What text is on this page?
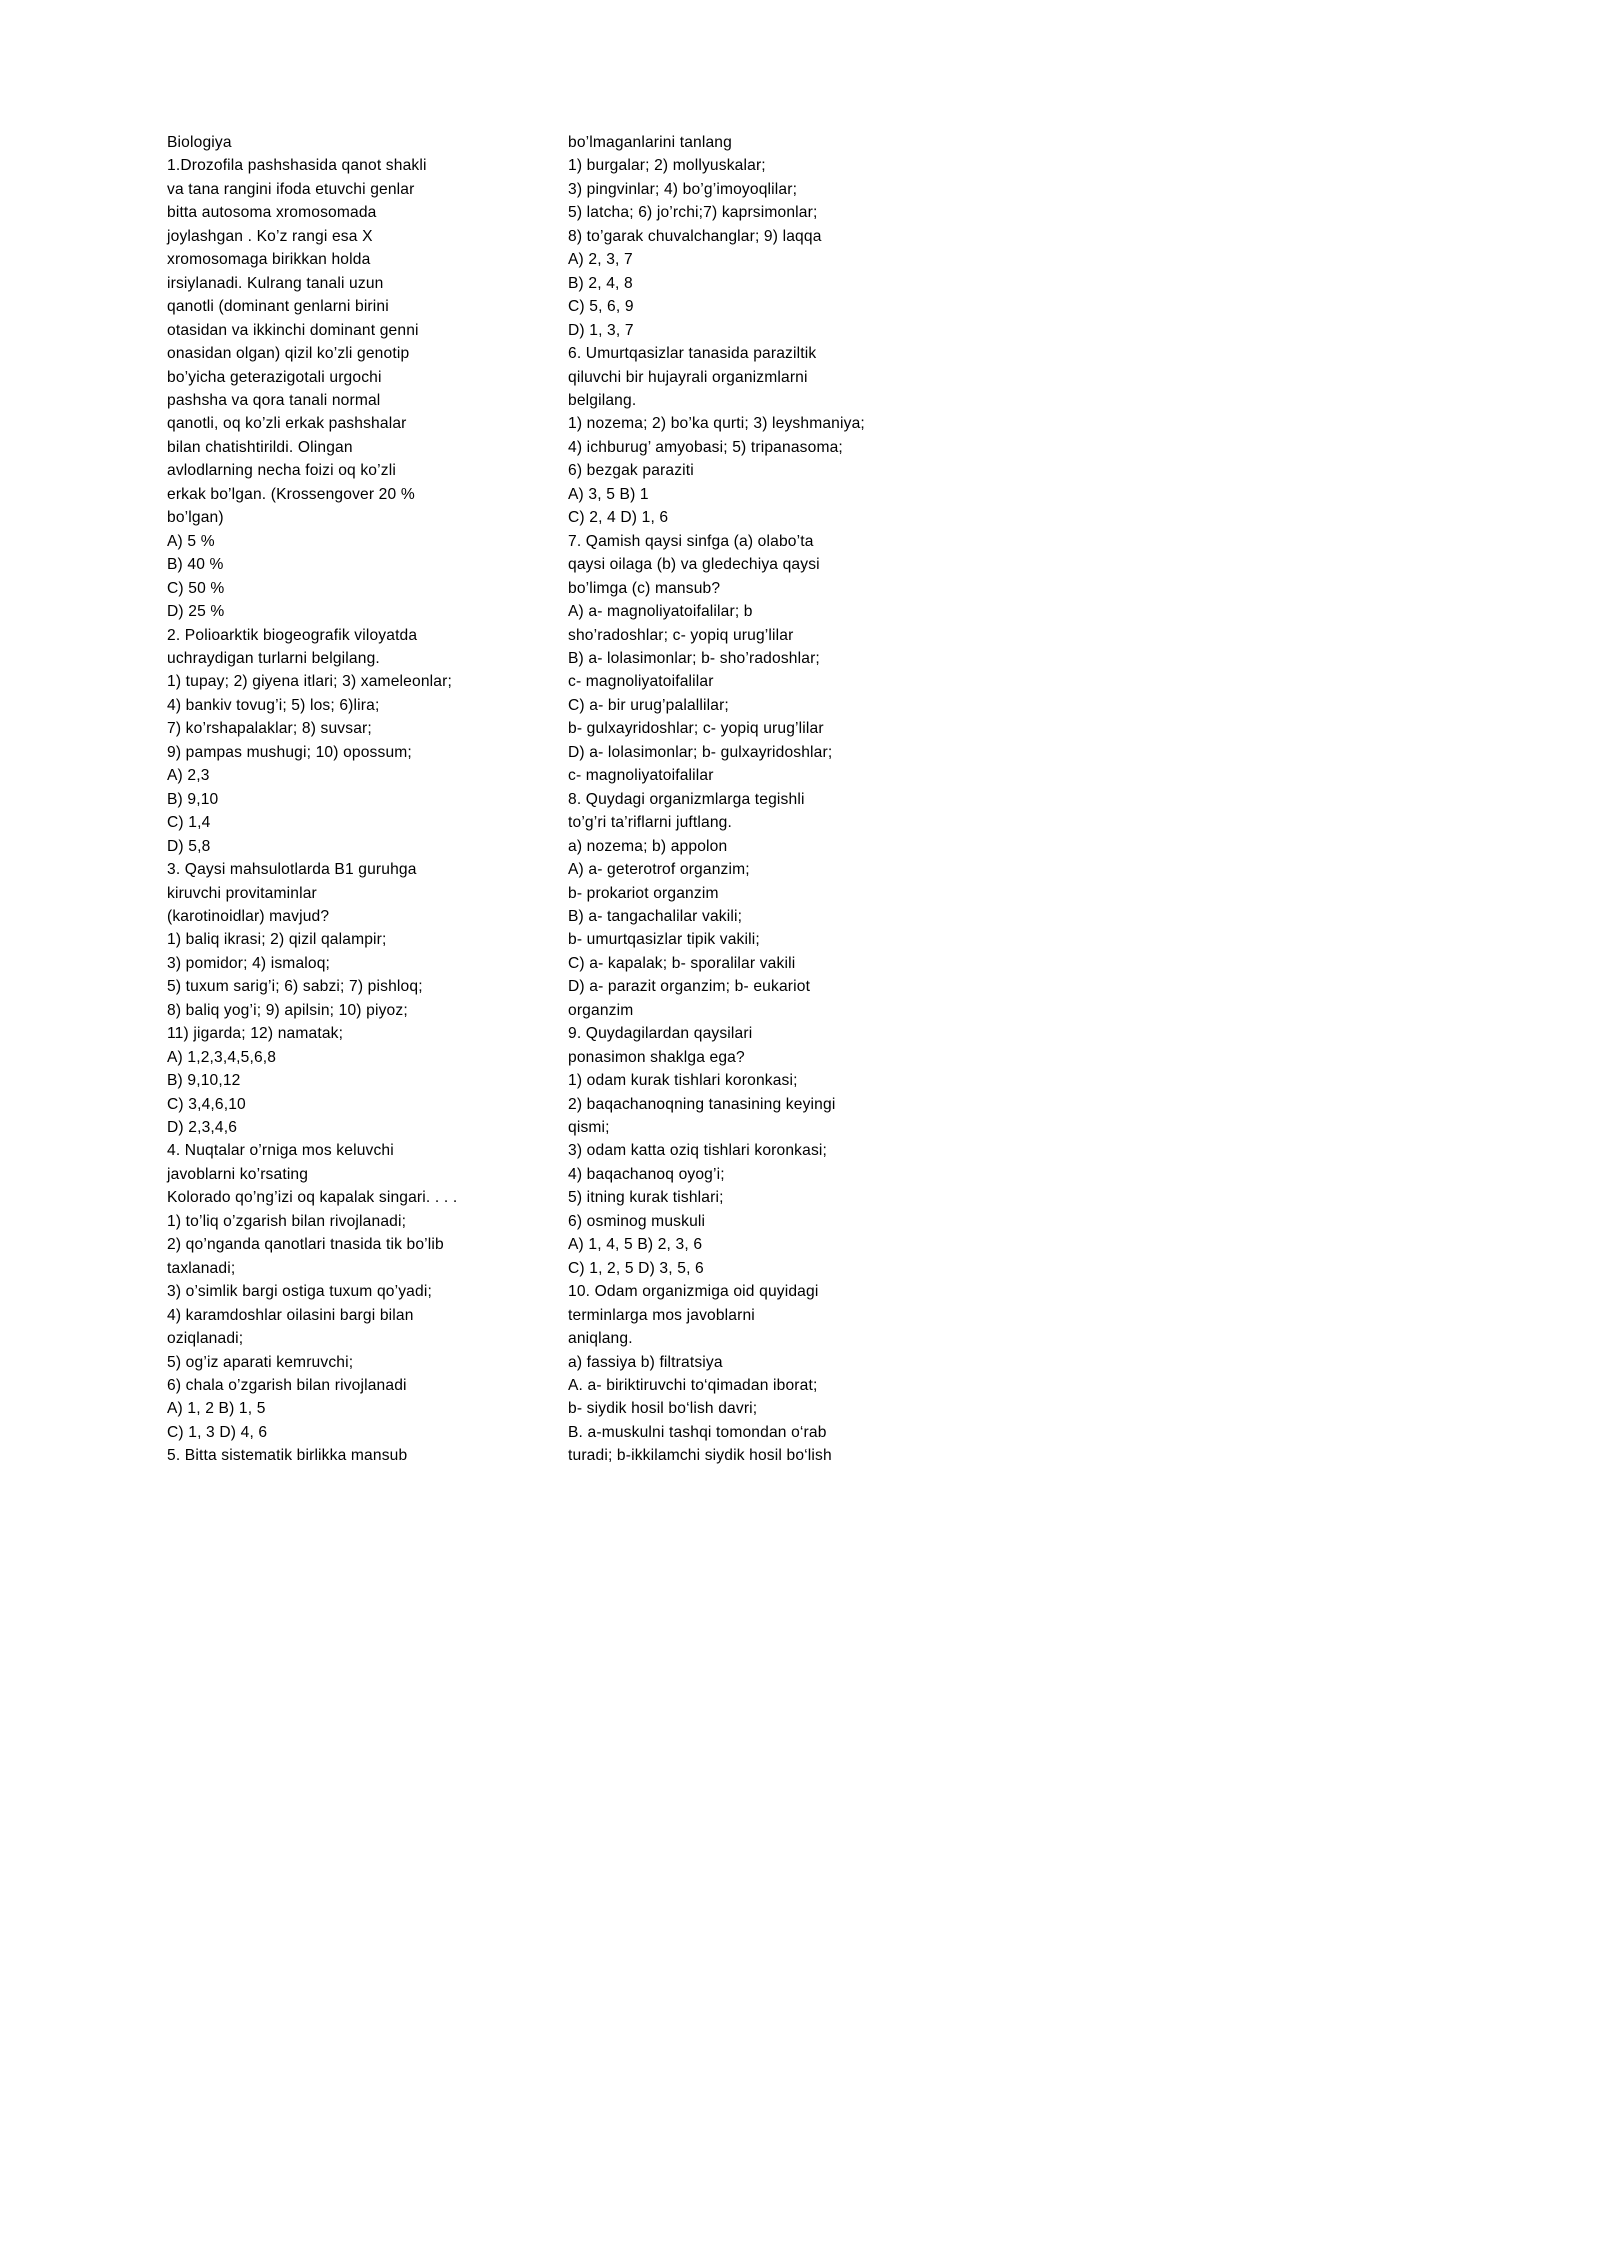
Biologiya
1.Drozofila pashshasida qanot shakli
va tana rangini ifoda etuvchi genlar
bitta autosoma xromosomada
joylashgan . Ko’z rangi esa X
xromosomaga birikkan holda
irsiylanadi. Kulrang tanali uzun
qanotli (dominant genlarni birini
otasidan va ikkinchi dominant genni
onasidan olgan) qizil ko’zli genotip
bo’yicha geterazigotali urgochi
pashsha va qora tanali normal
qanotli, oq ko’zli erkak pashshalar
bilan chatishtirildi. Olingan
avlodlarning necha foizi oq ko’zli
erkak bo’lgan. (Krossengover 20 %
bo’lgan)
A) 5 %
B) 40 %
C) 50 %
D) 25 %
2. Polioarktik biogeografik viloyatda
uchraydigan turlarni belgilang.
1) tupay; 2) giyena itlari; 3) xameleonlar;
4) bankiv tovug’i; 5) los; 6)lira;
7) ko’rshapalaklar; 8) suvsar;
9) pampas mushugi; 10) opossum;
A) 2,3
B) 9,10
C) 1,4
D) 5,8
3. Qaysi mahsulotlarda B1 guruhga
kiruvchi provitaminlar
(karotinoidlar) mavjud?
1) baliq ikrasi; 2) qizil qalampir;
3) pomidor; 4) ismaloq;
5) tuxum sarig’i; 6) sabzi; 7) pishloq;
8) baliq yog’i; 9) apilsin; 10) piyoz;
11) jigarda; 12) namatak;
A) 1,2,3,4,5,6,8
B) 9,10,12
C) 3,4,6,10
D) 2,3,4,6
4. Nuqtalar o’rniga mos keluvchi
javoblarni ko’rsating
Kolorado qo’ng’izi oq kapalak singari. . . .
1) to’liq o’zgarish bilan rivojlanadi;
2) qo’nganda qanotlari tnasida tik bo’lib
taxlanadi;
3) o’simlik bargi ostiga tuxum qo’yadi;
4) karamdoshlar oilasini bargi bilan
oziqlanadi;
5) og’iz aparati kemruvchi;
6) chala o’zgarish bilan rivojlanadi
A) 1, 2 B) 1, 5
C) 1, 3 D) 4, 6
5. Bitta sistematik birlikka mansub
bo’lmaganlarini tanlang
1) burgalar; 2) mollyuskalar;
3) pingvinlar; 4) bo’g’imoyoqlilar;
5) latcha; 6) jo’rchi;7) kaprsimonlar;
8) to’garak chuvalchanglar; 9) laqqa
A) 2, 3, 7
B) 2, 4, 8
C) 5, 6, 9
D) 1, 3, 7
6. Umurtqasizlar tanasida paraziltik
qiluvchi bir hujayrali organizmlarni
belgilang.
1) nozema; 2) bo’ka qurti; 3) leyshmaniya;
4) ichburug’ amyobasi; 5) tripanasoma;
6) bezgak paraziti
A) 3, 5 B) 1
C) 2, 4 D) 1, 6
7. Qamish qaysi sinfga (a) olabo’ta
qaysi oilaga (b) va gledechiya qaysi
bo’limga (c) mansub?
A) a- magnoliyatoifalilar; b
sho’radoshlar; c- yopiq urug’lilar
B) a- lolasimonlar; b- sho’radoshlar;
c- magnoliyatoifalilar
C) a- bir urug’palallilar;
b- gulxayridoshlar; c- yopiq urug’lilar
D) a- lolasimonlar; b- gulxayridoshlar;
c- magnoliyatoifalilar
8. Quydagi organizmlarga tegishli
to’g’ri ta’riflarni juftlang.
a) nozema; b) appolon
A) a- geterotrof organzim;
b- prokariot organzim
B) a- tangachalilar vakili;
b- umurtqasizlar tipik vakili;
C) a- kapalak; b- sporalilar vakili
D) a- parazit organzim; b- eukariot
organzim
9. Quydagilardan qaysilari
ponasimon shaklga ega?
1) odam kurak tishlari koronkasi;
2) baqachanoqning tanasining keyingi
qismi;
3) odam katta oziq tishlari koronkasi;
4) baqachanoq oyog’i;
5) itning kurak tishlari;
6) osminog muskuli
A) 1, 4, 5 B) 2, 3, 6
C) 1, 2, 5 D) 3, 5, 6
10. Odam organizmiga oid quyidagi
terminlarga mos javoblarni
aniqlang.
a) fassiya b) filtratsiya
A. a- biriktiruvchi to‘qimadan iborat;
b- siydik hosil bo‘lish davri;
B. a-muskulni tashqi tomondan o‘rab
turadi; b-ikkilamchi siydik hosil bo‘lish
